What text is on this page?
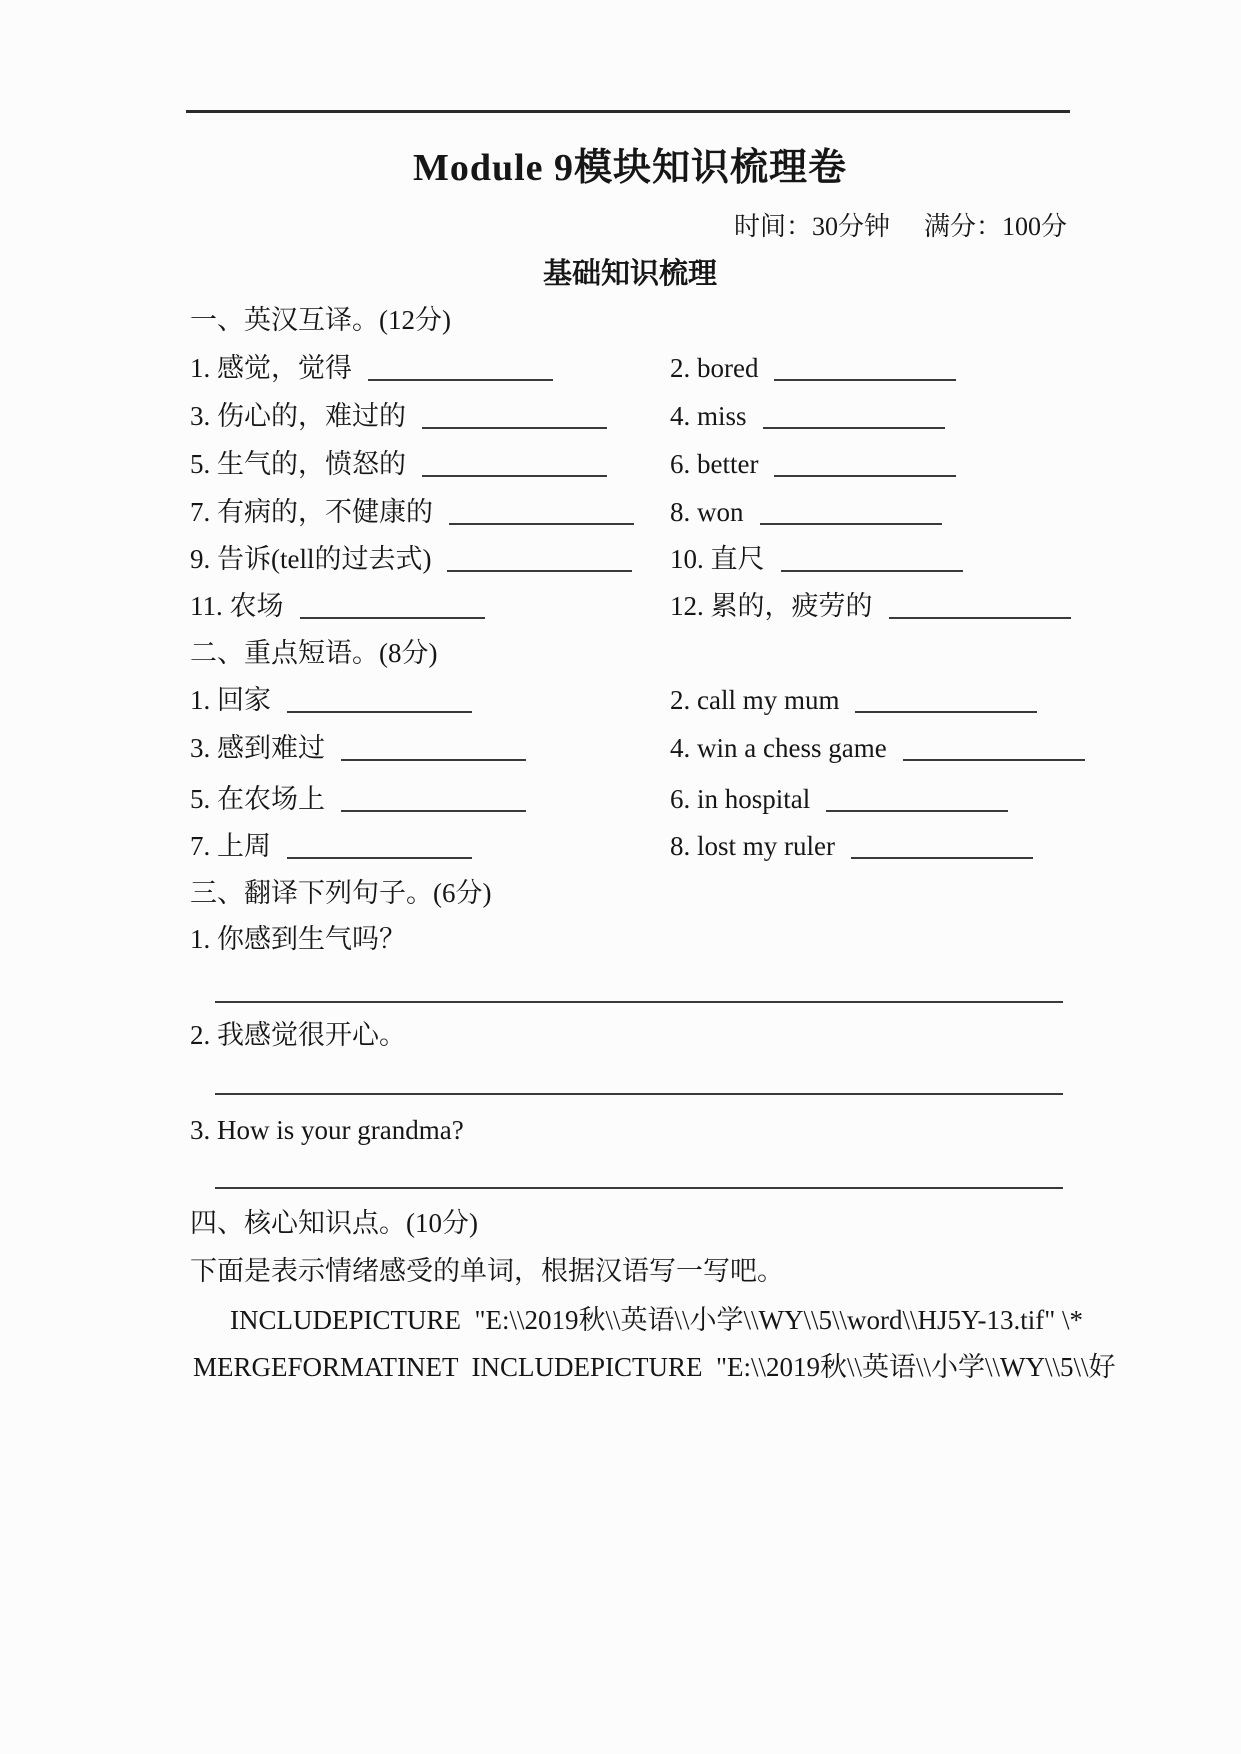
Module 9模块知识梳理卷
时间：30分钟 满分：100分
基础知识梳理
一、英汉互译。(12分)
1. 感觉，觉得	2. bored
3. 伤心的，难过的	4. miss
5. 生气的，愤怒的	6. better
7. 有病的，不健康的	8. won
9. 告诉(tell的过去式)	10. 直尺
11. 农场	12. 累的，疲劳的
二、重点短语。(8分)
1. 回家	2. call my mum
3. 感到难过	4. win a chess game
5. 在农场上	6. in hospital
7. 上周	8. lost my ruler
三、翻译下列句子。(6分)
1. 你感到生气吗？
2. 我感觉很开心。
3. How is your grandma?
四、核心知识点。(10分)
下面是表示情绪感受的单词，根据汉语写一写吧。
INCLUDEPICTURE  "E:\\2019秋\\英语\\小学\\WY\\5\\word\\HJ5Y-13.tif" \*
MERGEFORMATINET  INCLUDEPICTURE  "E:\\2019秋\\英语\\小学\\WY\\5\\好
